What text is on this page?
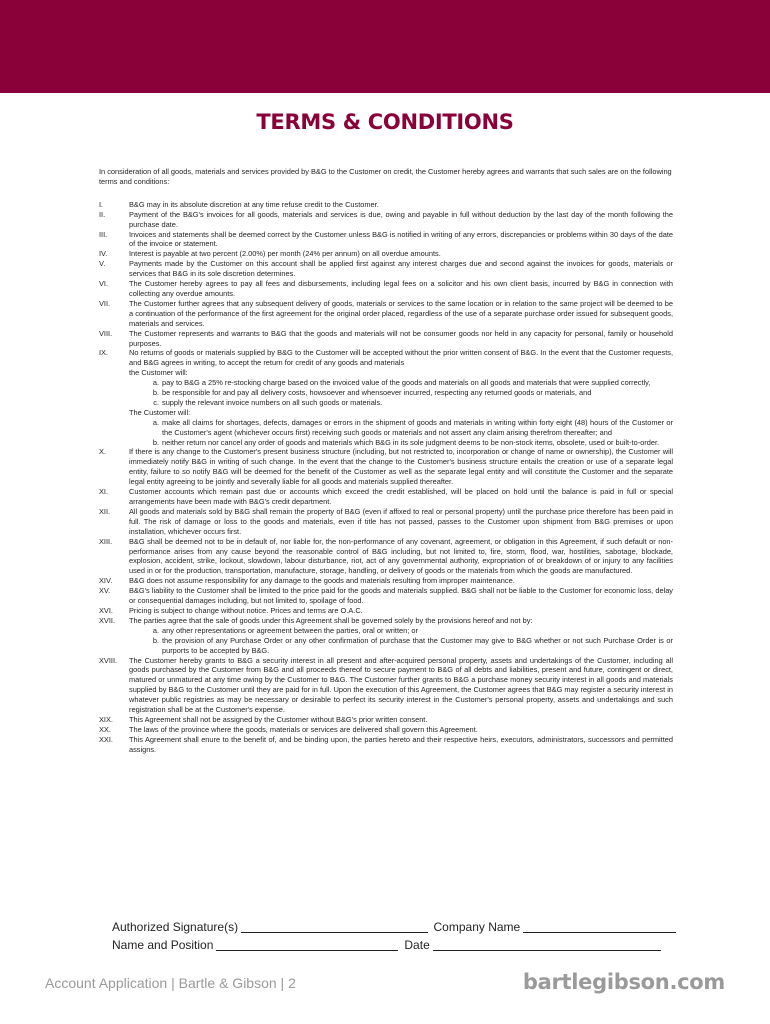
TERMS & CONDITIONS

In consideration of all goods, materials and services provided by B&G to the Customer on credit, the Customer hereby agrees and warrants that such sales are on the following terms and conditions:

I.	B&G may in its absolute discretion at any time refuse credit to the Customer.
II.	Payment of the B&G's invoices for all goods, materials and services is due, owing and payable in full without deduction by the last day of the month following the purchase date.
III.	Invoices and statements shall be deemed correct by the Customer unless B&G is notified in writing of any errors, discrepancies or problems within 30 days of the date of the invoice or statement.
IV.	Interest is payable at two percent (2.00%) per month (24% per annum) on all overdue amounts.
V.	Payments made by the Customer on this account shall be applied first against any interest charges due and second against the invoices for goods, materials or services that B&G in its sole discretion determines.
VI.	The Customer hereby agrees to pay all fees and disbursements, including legal fees on a solicitor and his own client basis, incurred by B&G in connection with collecting any overdue amounts.
VII.	The Customer further agrees that any subsequent delivery of goods, materials or services to the same location or in relation to the same project will be deemed to be a continuation of the performance of the first agreement for the original order placed, regardless of the use of a separate purchase order issued for subsequent goods, materials and services.
VIII.	The Customer represents and warrants to B&G that the goods and materials will not be consumer goods nor held in any capacity for personal, family or household purposes.
IX.	No returns of goods or materials supplied by B&G to the Customer will be accepted without the prior written consent of B&G. In the event that the Customer requests, and B&G agrees in writing, to accept the return for credit of any goods and materials
the Customer will:
a. pay to B&G a 25% re-stocking charge based on the invoiced value of the goods and materials on all goods and materials that were supplied correctly,
b. be responsible for and pay all delivery costs, howsoever and whensoever incurred, respecting any returned goods or materials, and
c. supply the relevant invoice numbers on all such goods or materials.
The Customer will:
a. make all claims for shortages, defects, damages or errors in the shipment of goods and materials in writing within forty eight (48) hours of the Customer or the Customer's agent (whichever occurs first) receiving such goods or materials and not assert any claim arising therefrom thereafter; and
b. neither return nor cancel any order of goods and materials which B&G in its sole judgment deems to be non-stock items, obsolete, used or built-to-order.
X.	If there is any change to the Customer's present business structure (including, but not restricted to, incorporation or change of name or ownership), the Customer will immediately notify B&G in writing of such change. In the event that the change to the Customer's business structure entails the creation or use of a separate legal entity, failure to so notify B&G will be deemed for the benefit of the Customer as well as the separate legal entity and will constitute the Customer and the separate legal entity agreeing to be jointly and severally liable for all goods and materials supplied thereafter.
XI.	Customer accounts which remain past due or accounts which exceed the credit established, will be placed on hold until the balance is paid in full or special arrangements have been made with B&G's credit department.
XII.	All goods and materials sold by B&G shall remain the property of B&G (even if affixed to real or personal property) until the purchase price therefore has been paid in full. The risk of damage or loss to the goods and materials, even if title has not passed, passes to the Customer upon shipment from B&G premises or upon installation, whichever occurs first.
XIII.	B&G shall be deemed not to be in default of, nor liable for, the non-performance of any covenant, agreement, or obligation in this Agreement, if such default or non-performance arises from any cause beyond the reasonable control of B&G including, but not limited to, fire, storm, flood, war, hostilities, sabotage, blockade, explosion, accident, strike, lockout, slowdown, labour disturbance, riot, act of any governmental authority, expropriation of or breakdown of or injury to any facilities used in or for the production, transportation, manufacture, storage, handling, or delivery of goods or the materials from which the goods are manufactured.
XIV.	B&G does not assume responsibility for any damage to the goods and materials resulting from improper maintenance.
XV.	B&G's liability to the Customer shall be limited to the price paid for the goods and materials supplied. B&G shall not be liable to the Customer for economic loss, delay or consequential damages including, but not limited to, spoilage of food.
XVI.	Pricing is subject to change without notice. Prices and terms are O.A.C.
XVII.	The parties agree that the sale of goods under this Agreement shall be governed solely by the provisions hereof and not by:
a. any other representations or agreement between the parties, oral or written; or
b. the provision of any Purchase Order or any other confirmation of purchase that the Customer may give to B&G whether or not such Purchase Order is or purports to be accepted by B&G.
XVIII.	The Customer hereby grants to B&G a security interest in all present and after-acquired personal property, assets and undertakings of the Customer, including all goods purchased by the Customer from B&G and all proceeds thereof to secure payment to B&G of all debts and liabilities, present and future, contingent or direct, matured or unmatured at any time owing by the Customer to B&G. The Customer further grants to B&G a purchase money security interest in all goods and materials supplied by B&G to the Customer until they are paid for in full. Upon the execution of this Agreement, the Customer agrees that B&G may register a security interest in whatever public registries as may be necessary or desirable to perfect its security interest in the Customer's personal property, assets and undertakings and such registration shall be at the Customer's expense.
XIX.	This Agreement shall not be assigned by the Customer without B&G's prior written consent.
XX.	The laws of the province where the goods, materials or services are delivered shall govern this Agreement.
XXI.	This Agreement shall enure to the benefit of, and be binding upon, the parties hereto and their respective heirs, executors, administrators, successors and permitted assigns.
Authorized Signature(s)	Company Name
Name and Position	Date
Account Application | Bartle & Gibson | 2	bartlegibson.com
